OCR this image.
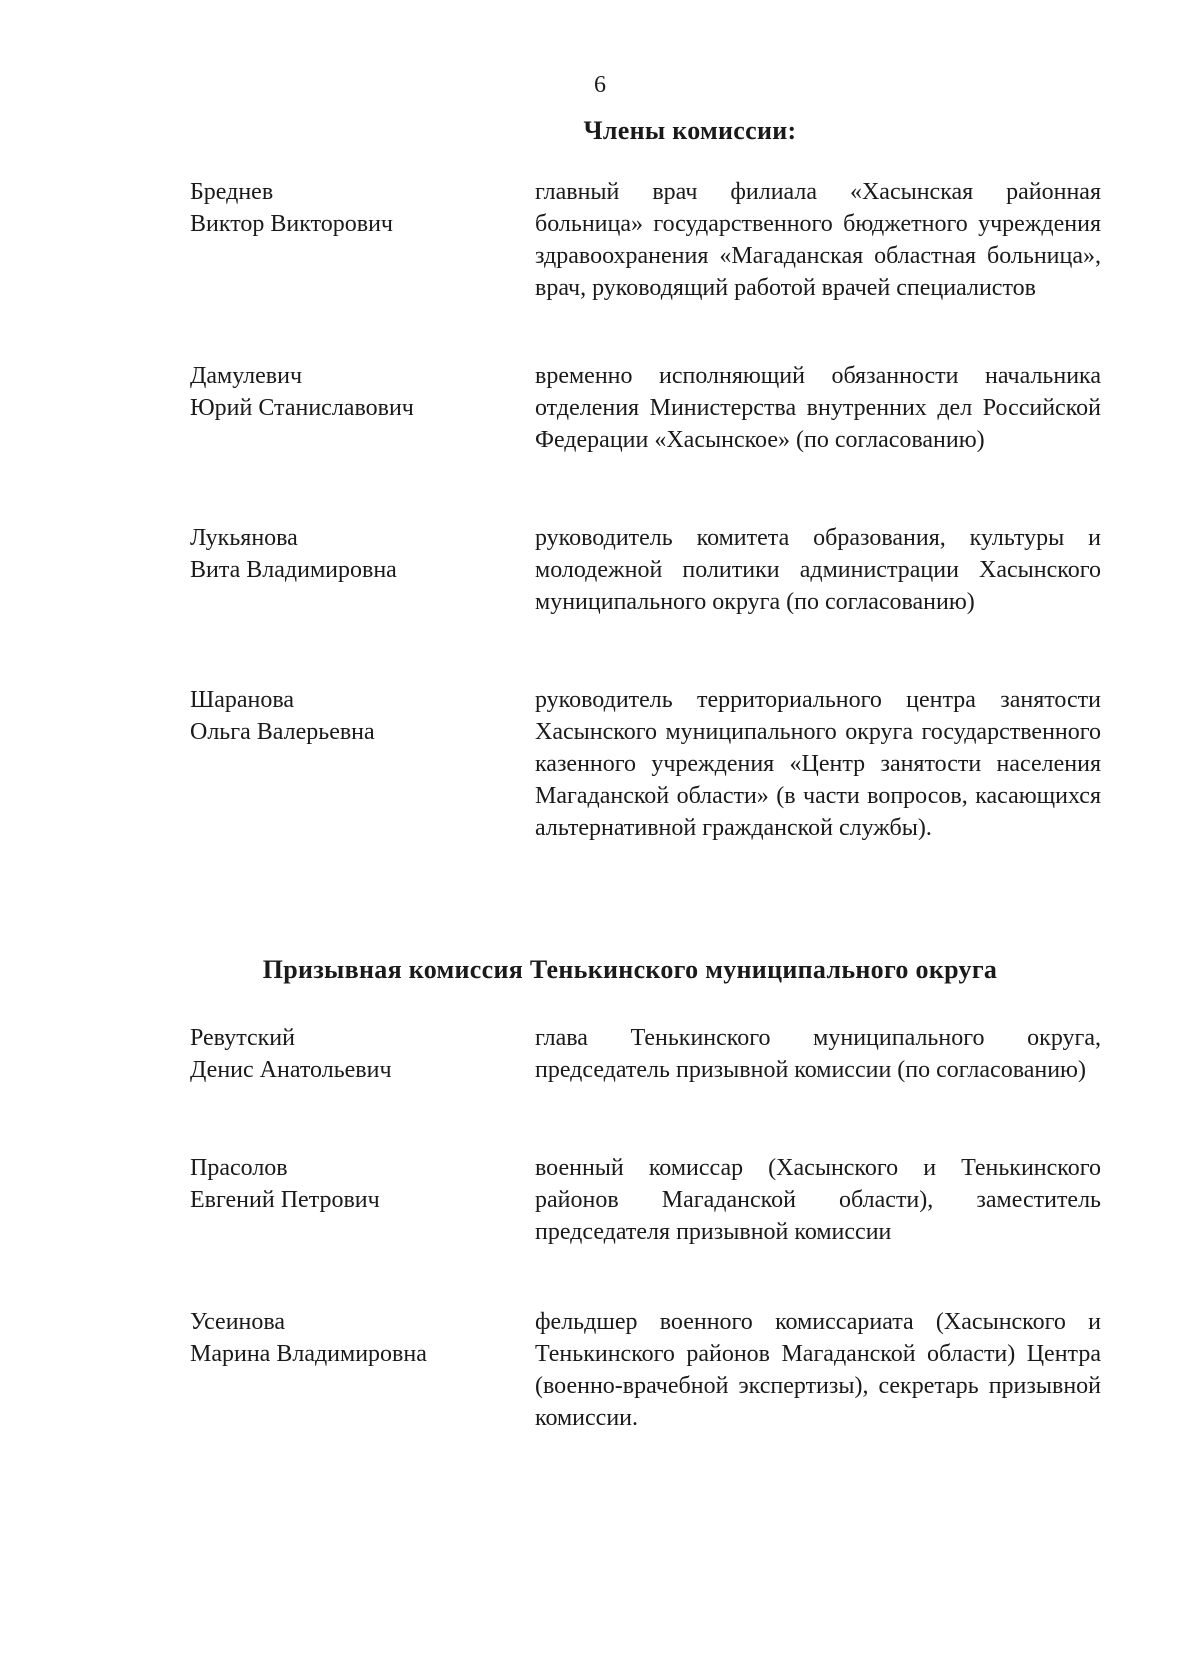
6
Члены комиссии:
Бреднев
Виктор Викторович
главный врач филиала «Хасынская районная больница» государственного бюджетного учреждения здравоохранения «Магаданская областная больница», врач, руководящий работой врачей специалистов
Дамулевич
Юрий Станиславович
временно исполняющий обязанности начальника отделения Министерства внутренних дел Российской Федерации «Хасынское» (по согласованию)
Лукьянова
Вита Владимировна
руководитель комитета образования, культуры и молодежной политики администрации Хасынского муниципального округа (по согласованию)
Шаранова
Ольга Валерьевна
руководитель территориального центра занятости Хасынского муниципального округа государственного казенного учреждения «Центр занятости населения Магаданской области» (в части вопросов, касающихся альтернативной гражданской службы).
Призывная комиссия Тенькинского муниципального округа
Ревутский
Денис Анатольевич
глава Тенькинского муниципального округа, председатель призывной комиссии (по согласованию)
Прасолов
Евгений Петрович
военный комиссар (Хасынского и Тенькинского районов Магаданской области), заместитель председателя призывной комиссии
Усеинова
Марина Владимировна
фельдшер военного комиссариата (Хасынского и Тенькинского районов Магаданской области) Центра (военно-врачебной экспертизы), секретарь призывной комиссии.
